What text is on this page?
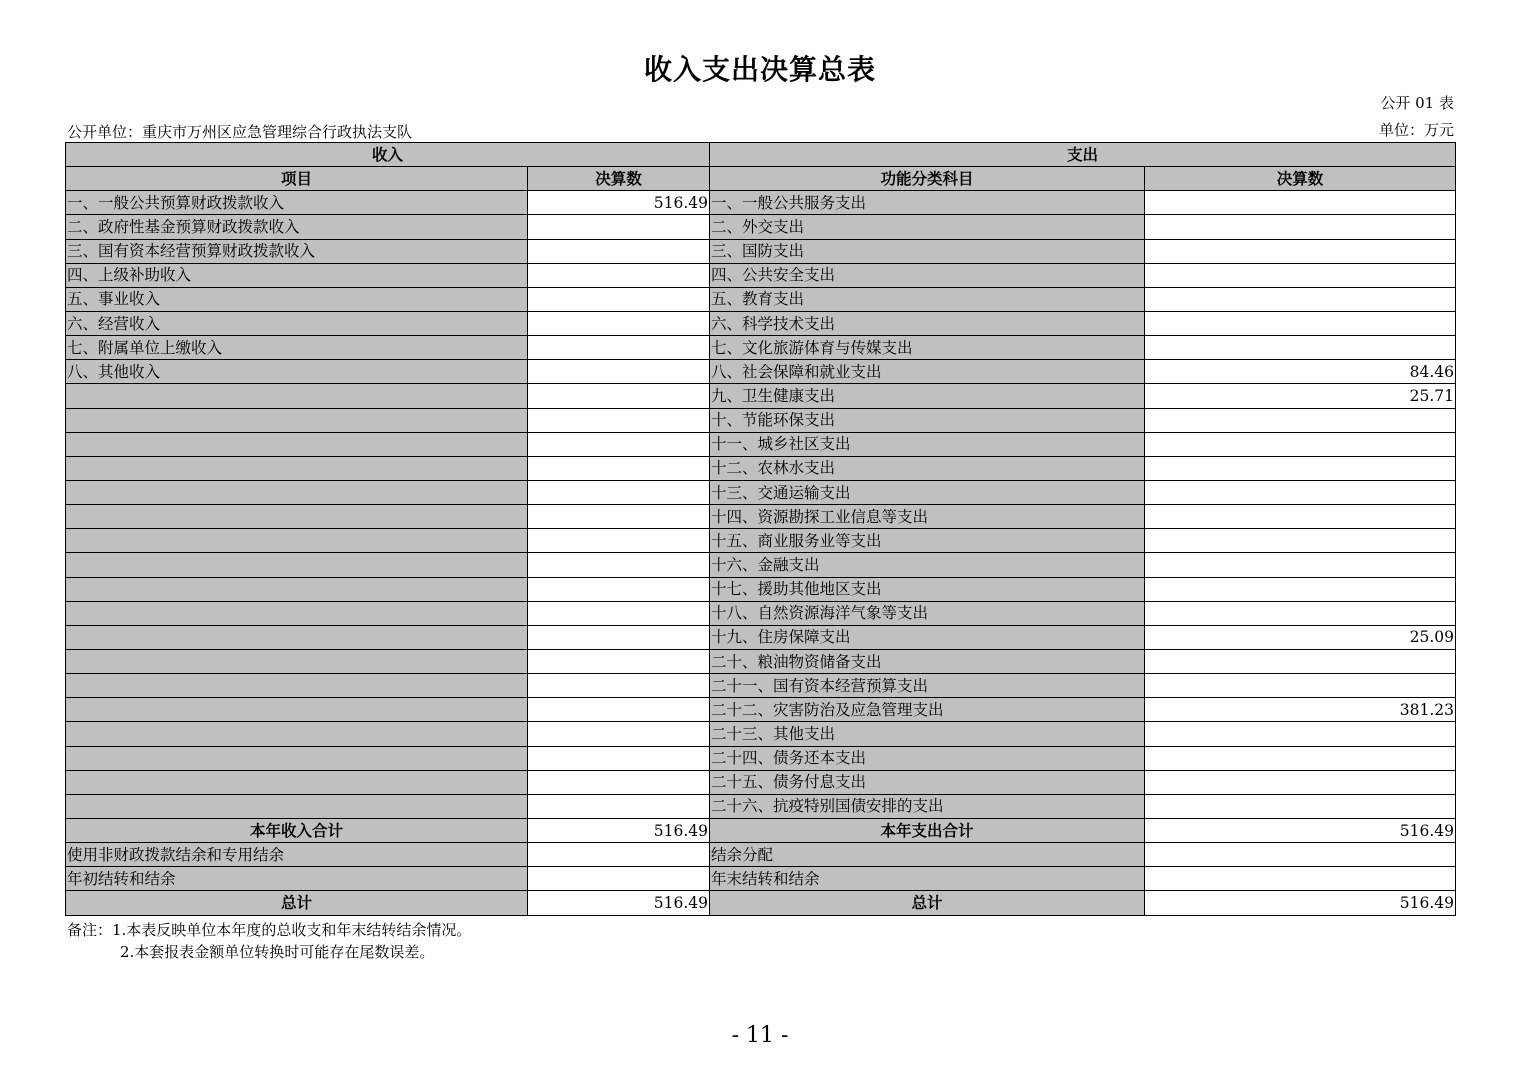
收入支出决算总表
公开 01 表
公开单位：重庆市万州区应急管理综合行政执法支队	单位：万元
收入		支出	
项目	决算数	功能分类科目	决算数
一、一般公共预算财政拨款收入	516.49	一、一般公共服务支出	
二、政府性基金预算财政拨款收入		二、外交支出	
三、国有资本经营预算财政拨款收入		三、国防支出	
四、上级补助收入		四、公共安全支出	
五、事业收入		五、教育支出	
六、经营收入		六、科学技术支出	
七、附属单位上缴收入		七、文化旅游体育与传媒支出	
八、其他收入		八、社会保障和就业支出	84.46
		九、卫生健康支出	25.71
		十、节能环保支出	
		十一、城乡社区支出	
		十二、农林水支出	
		十三、交通运输支出	
		十四、资源勘探工业信息等支出	
		十五、商业服务业等支出	
		十六、金融支出	
		十七、援助其他地区支出	
		十八、自然资源海洋气象等支出	
		十九、住房保障支出	25.09
		二十、粮油物资储备支出	
		二十一、国有资本经营预算支出	
		二十二、灾害防治及应急管理支出	381.23
		二十三、其他支出	
		二十四、债务还本支出	
		二十五、债务付息支出	
		二十六、抗疫特别国债安排的支出	
本年收入合计	516.49	本年支出合计	516.49
使用非财政拨款结余和专用结余		结余分配	
年初结转和结余		年末结转和结余	
总计	516.49	总计	516.49
备注：1.本表反映单位本年度的总收支和年末结转结余情况。
2.本套报表金额单位转换时可能存在尾数误差。
- 11 -
